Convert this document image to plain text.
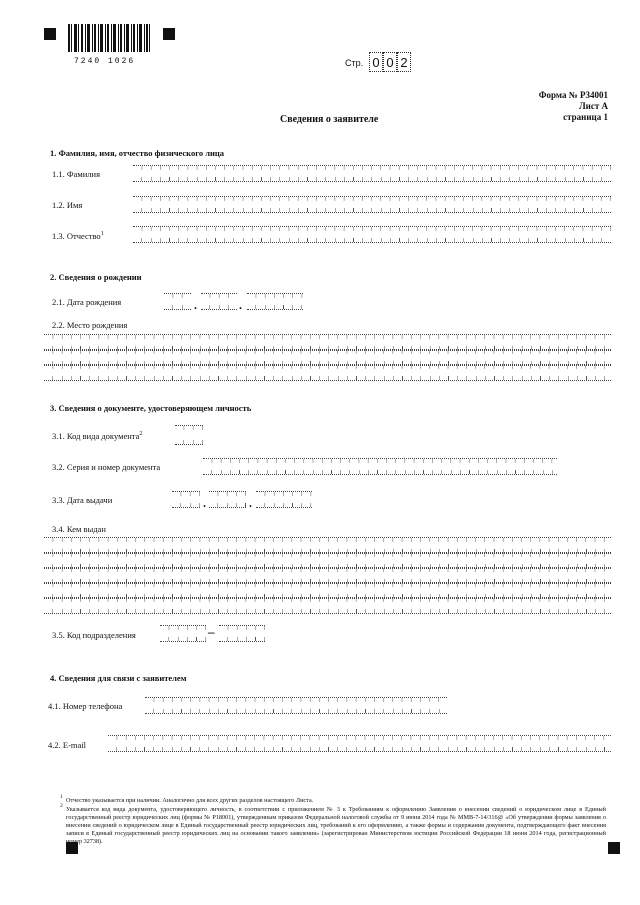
7240 1026	Стр. 0 0 2
Форма № Р34001
Лист А
страница 1
Сведения о заявителе
1. Фамилия, имя, отчество физического лица
1.1. Фамилия
1.2. Имя
1.3. Отчество$^1$
2. Сведения о рождении
2.1. Дата рождения	.	.
2.2. Место рождения
3. Сведения о документе, удостоверяющем личность
3.1. Код вида документа$^2$
3.2. Серия и номер документа
3.3. Дата выдачи	.	.
3.4. Кем выдан
3.5. Код подразделения	–
4. Сведения для связи с заявителем
4.1. Номер телефона
4.2. E-mail
1 Отчество указывается при наличии. Аналогично для всех других разделов настоящего Листа.
2 Указывается код вида документа, удостоверяющего личность, в соответствии с приложением № 3 к Требованиям к оформлению Заявления о внесении сведений о юридическом лице в Единый государственный реестр юридических лиц (формы № Р18001), утвержденным приказом Федеральной налоговой службы от 9 июня 2014 года № ММВ-7-14/316@ «Об утверждении формы заявления о внесении сведений о юридическом лице в Единый государственный реестр юридических лиц, требований к его оформлению, а также формы и содержания документа, подтверждающего факт внесения записи в Единый государственный реестр юридических лиц на основании такого заявления» (зарегистрирован Министерством юстиции Российской Федерации 18 июня 2014 года, регистрационный номер 32738).
